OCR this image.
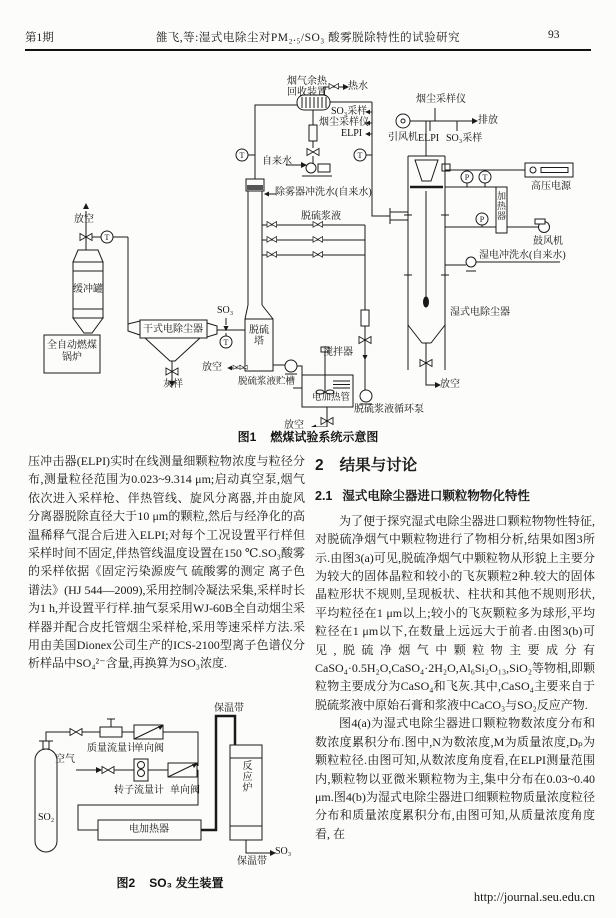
第1期	雒飞,等:湿式电除尘对PM₂.₅/SO₃ 酸雾脱除特性的试验研究	93
T
T
T	T
P T
P
烟气余热
回收装置
热水
SO₃采样
烟尘采样仪
ELPI
自来水
放空
缓冲罐
全自动燃煤锅炉
干式电除尘器
灰样
SO₃
除雾器冲洗水(自来水)
脱硫浆液
脱硫塔
放空
脱硫浆液贮槽
搅拌器
电加热管
脱硫浆液循环泵
放空
引风机
烟尘采样仪
排放
ELPI SO₃采样
高压电源
加热器
鼓风机
湿电冲洗水(自来水)
湿式电除尘器
放空
图1 燃煤试验系统示意图

压冲击器(ELPI)实时在线测量细颗粒物浓度与粒径分布,测量粒径范围为0.023~9.314 μm;启动真空泵,烟气依次进入采样枪、伴热管线、旋风分离器,并由旋风分离器脱除直径大于10 μm的颗粒,然后与经净化的高温稀释气混合后进入ELPI;对每个工况设置平行样但采样时间不固定,伴热管线温度设置在150 ℃.SO₃酸雾的采样依据《固定污染源废气 硫酸雾的测定 离子色谱法》(HJ 544—2009),采用控制冷凝法采集,采样时长为1 h,并设置平行样.抽气泵采用WJ-60B全自动烟尘采样器并配合皮托管烟尘采样枪,采用等速采样方法.采用由美国Dionex公司生产的ICS-2100型离子色谱仪分析样品中SO₄²⁻含量,再换算为SO₃浓度.

SO₂
空气
质量流量计
单向阀
转子流量计 单向阀	反应炉
保温带
电加热器
保温带
SO₃
图2 SO₃ 发生装置
2 结果与讨论
2.1 湿式电除尘器进口颗粒物物化特性

为了便于探究湿式电除尘器进口颗粒物物性特征,对脱硫净烟气中颗粒物进行了物相分析,结果如图3所示.由图3(a)可见,脱硫净烟气中颗粒物从形貌上主要分为较大的固体晶粒和较小的飞灰颗粒2种.较大的固体晶粒形状不规则,呈现板状、柱状和其他不规则形状,平均粒径在1 μm以上;较小的飞灰颗粒多为球形,平均粒径在1 μm以下,在数量上远远大于前者.由图3(b)可见,脱硫净烟气中颗粒物主要成分有CaSO₄·0.5H₂O,CaSO₄·2H₂O,Al₆Si₂O₁₃,SiO₂等物相,即颗粒物主要成分为CaSO₄和飞灰.其中,CaSO₄主要来自于脱硫浆液中原始石膏和浆液中CaCO₃与SO₂反应产物.

图4(a)为湿式电除尘器进口颗粒物数浓度分布和数浓度累积分布.图中,N为数浓度,M为质量浓度,Dₚ为颗粒粒径.由图可知,从数浓度角度看,在ELPI测量范围内,颗粒物以亚微米颗粒物为主,集中分布在0.03~0.40 μm.图4(b)为湿式电除尘器进口细颗粒物质量浓度粒径分布和质量浓度累积分布,由图可知,从质量浓度角度看, 在

http://journal.seu.edu.cn
